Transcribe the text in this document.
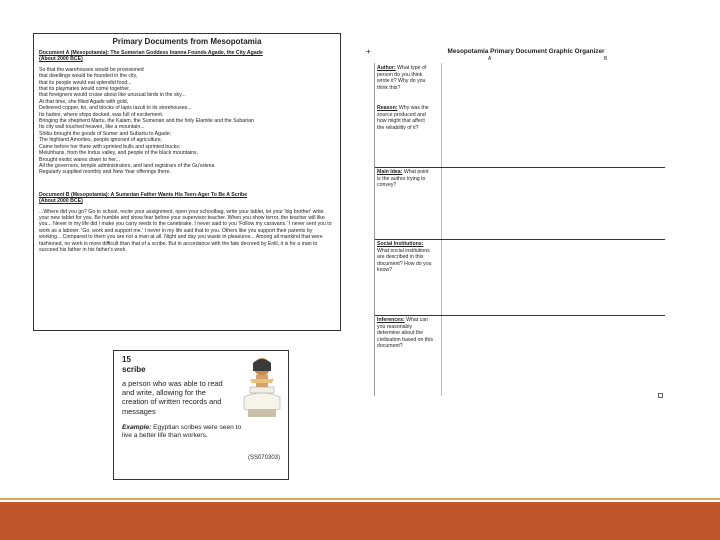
Primary Documents from Mesopotamia

Document A (Mesopotamia): The Sumerian Goddess Inanna Founds Agade, the City Agade

(About 2000 BCE)

So that the warehouses would be provisioned

that dwellings would be founded in the city,

that its people would eat splendid food...

that its playmates would come together,

that foreigners would cruise about like unusual birds in the sky...

At that time, she filled Agade with gold,

Delivered copper, tin, and blocks of lapis lazuli to its storehouses...

Its harbor, where ships docked, was full of excitement.

Bringing the shepherd Martu, the Kalam, the Sumerian and the holy Elamite and the Subarian

Its city wall touched heaven, like a mountain...

Shibu brought the goods of Sumer and Subartu to Agade;

The highland Amorites, people ignorant of agriculture,

Came before her there with sprinted bulls and sprinted bucks;

Meluhhans, from the Indus valley, and people of the black mountains,

Brought exotic wares down to her...

All the governors, temple administrators, and land registrars of the Gu'edena

Regularly supplied monthly and New Year offerings there.

Document B (Mesopotamia): A Sumerian Father Wants His Teen-Ager To Be A Scribe

(About 2000 BCE)

...Where did you go? Go to school, recite your assignment, open your schoolbag, write your tablet, let your 'big brother' write your new tablet for you. Be humble and show fear before your supervisor teacher. When you show terror, the teacher will like you... Never in my life did I make you carry reeds to the canebrake. I never said to you 'Follow my caravans.' I never sent you to work as a laborer. 'Go, work and support me.' I never in my life said that to you. Others like you support their parents by working... Compared to them you are not a man at all. Night and day you waste in pleasures... Among all mankind that were fashioned, no work is more difficult than that of a scribe. But in accordance with the fate decreed by Enlil, it is for a man to succeed his father in his father's work.

15

scribe

a person who was able to read and write, allowing for the creation of written records and messages

Example: Egyptian scribes were seen to live a better life than workers.

(SS070303)
+	Mesopotamia Primary Document Graphic Organizer
A	B
Author: What type of person do you think wrote it? Why do you think this?
Reason: Why was the source produced and how might that affect the reliability of it?
Main Idea: What point is the author trying to convey?
Social Institutions: What social institutions are described in this document? How do you know?
Inferences: What can you reasonably determine about the civilization based on this document?
